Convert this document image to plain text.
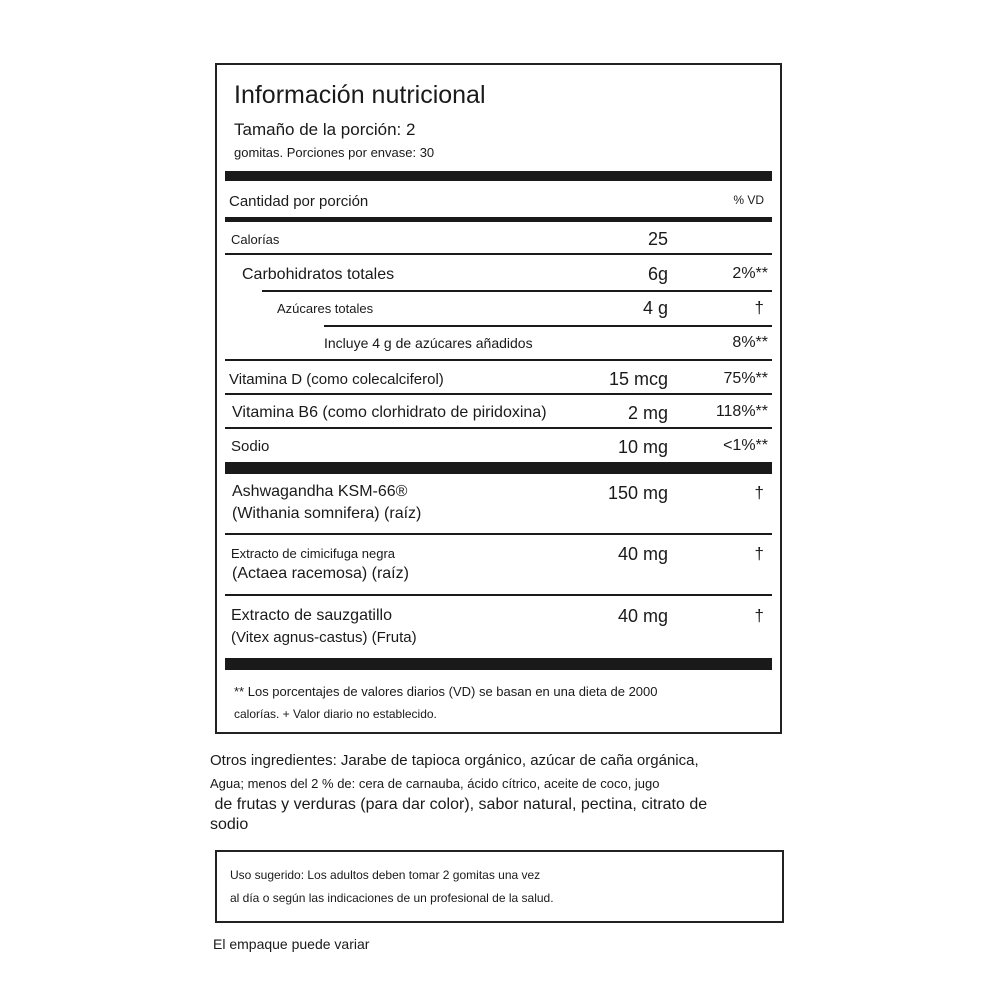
Información nutricional
Tamaño de la porción: 2
gomitas. Porciones por envase: 30
Cantidad por porción	% VD
Calorías	25
Carbohidratos totales	6g	2%**
Azúcares totales	4 g	†
Incluye 4 g de azúcares añadidos	8%**
Vitamina D (como colecalciferol)	15 mcg	75%**
Vitamina B6 (como clorhidrato de piridoxina)	2 mg	118%**
Sodio	10 mg	<1%**
Ashwagandha KSM-66®
(Withania somnifera) (raíz)
150 mg	†
Extracto de cimicifuga negra
(Actaea racemosa) (raíz)
40 mg	†
Extracto de sauzgatillo
(Vitex agnus-castus) (Fruta)
40 mg	†
** Los porcentajes de valores diarios (VD) se basan en una dieta de 2000
calorías. + Valor diario no establecido.
Otros ingredientes: Jarabe de tapioca orgánico, azúcar de caña orgánica,
Agua; menos del 2 % de: cera de carnauba, ácido cítrico, aceite de coco, jugo
de frutas y verduras (para dar color), sabor natural, pectina, citrato de
sodio
Uso sugerido: Los adultos deben tomar 2 gomitas una vez
al día o según las indicaciones de un profesional de la salud.
El empaque puede variar
